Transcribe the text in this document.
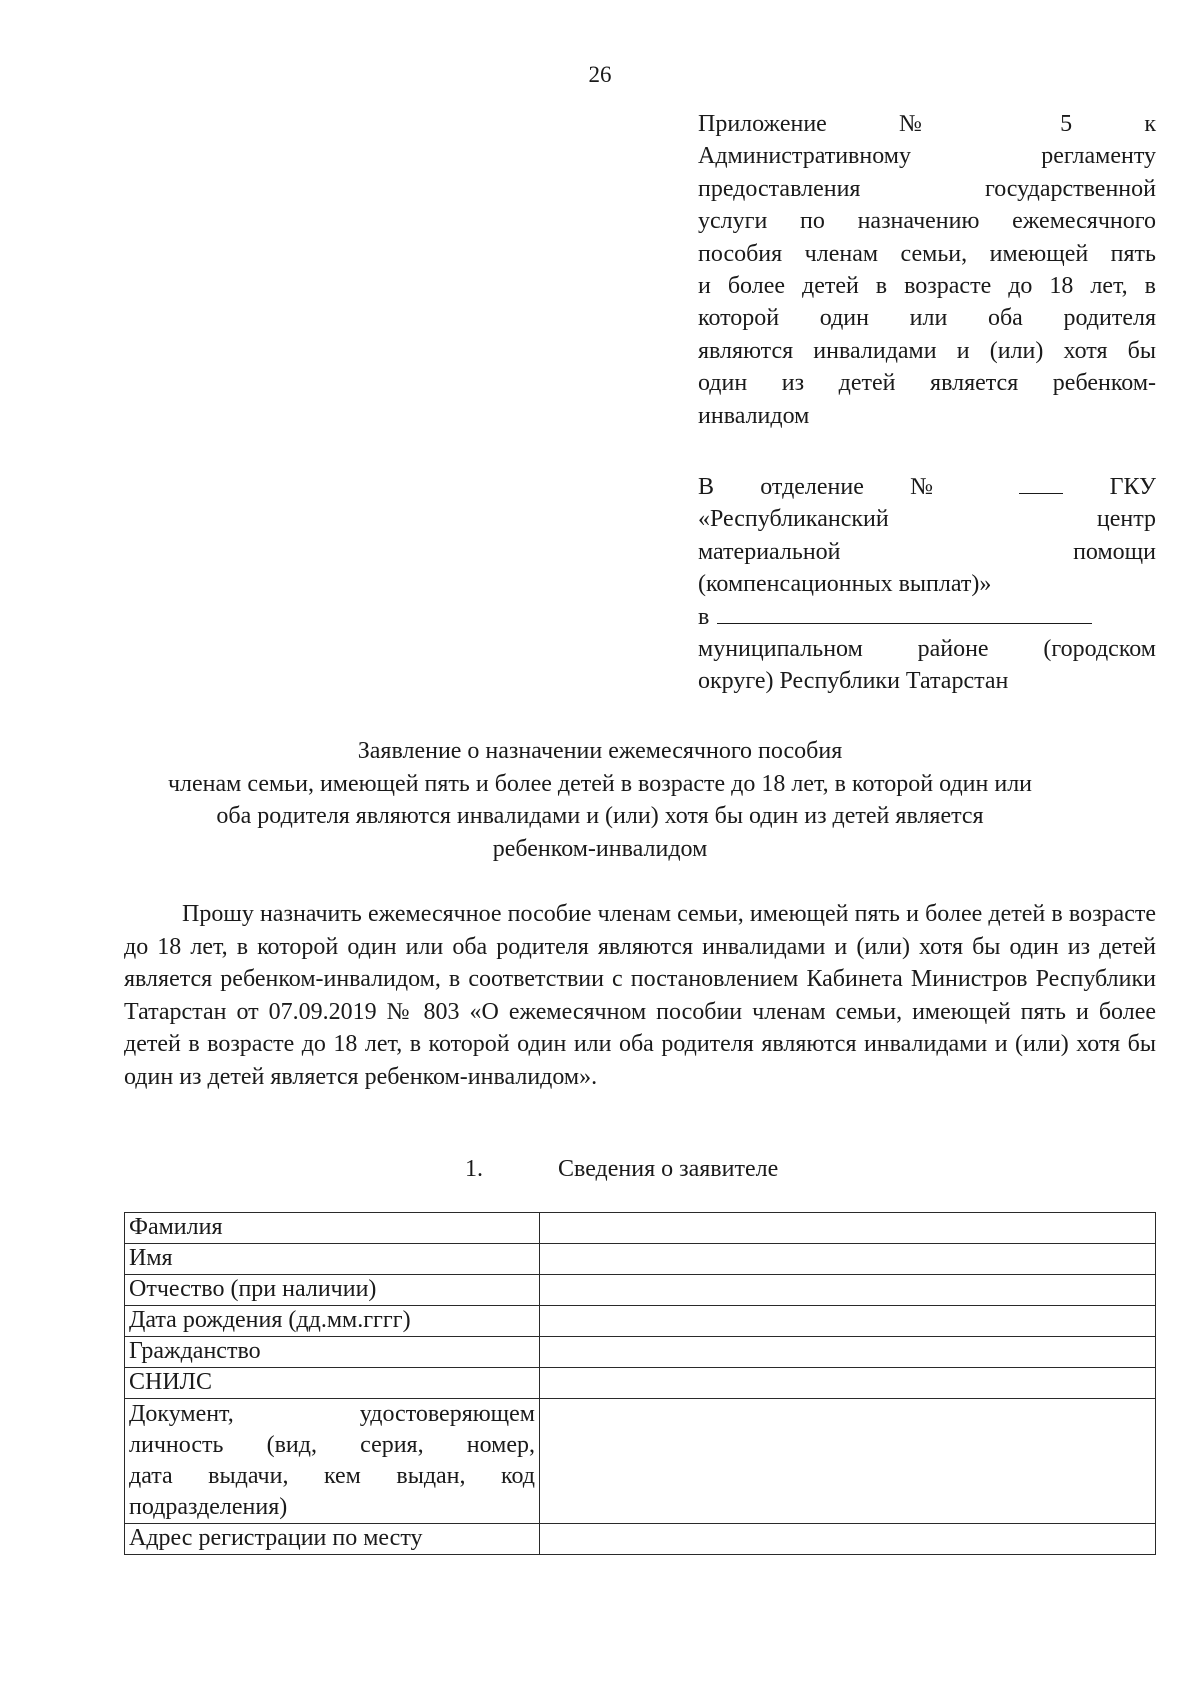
26
Приложение № 5 к
Административному регламенту
предоставления государственной
услуги по назначению ежемесячного
пособия членам семьи, имеющей пять
и более детей в возрасте до 18 лет, в
которой один или оба родителя
являются инвалидами и (или) хотя бы
один из детей является ребенком-
инвалидом
В отделение №	ГКУ
«Республиканский центр
материальной помощи
(компенсационных выплат)»
в
муниципальном районе (городском
округе) Республики Татарстан
Заявление о назначении ежемесячного пособия
членам семьи, имеющей пять и более детей в возрасте до 18 лет, в которой один или
оба родителя являются инвалидами и (или) хотя бы один из детей является
ребенком-инвалидом
Прошу назначить ежемесячное пособие членам семьи, имеющей пять и более детей в возрасте до 18 лет, в которой один или оба родителя являются инвалидами и (или) хотя бы один из детей является ребенком-инвалидом, в соответствии с постановлением Кабинета Министров Республики Татарстан от 07.09.2019 № 803 «О ежемесячном пособии членам семьи, имеющей пять и более детей в возрасте до 18 лет, в которой один или оба родителя являются инвалидами и (или) хотя бы один из детей является ребенком-инвалидом».
1.	Сведения о заявителе
Фамилия	
Имя	
Отчество (при наличии)	
Дата рождения (дд.мм.гггг)	
Гражданство	
СНИЛС	

Документ, удостоверяющем
личность (вид, серия, номер,
дата выдачи, кем выдан, код
подразделения)	

Адрес регистрации по месту	
